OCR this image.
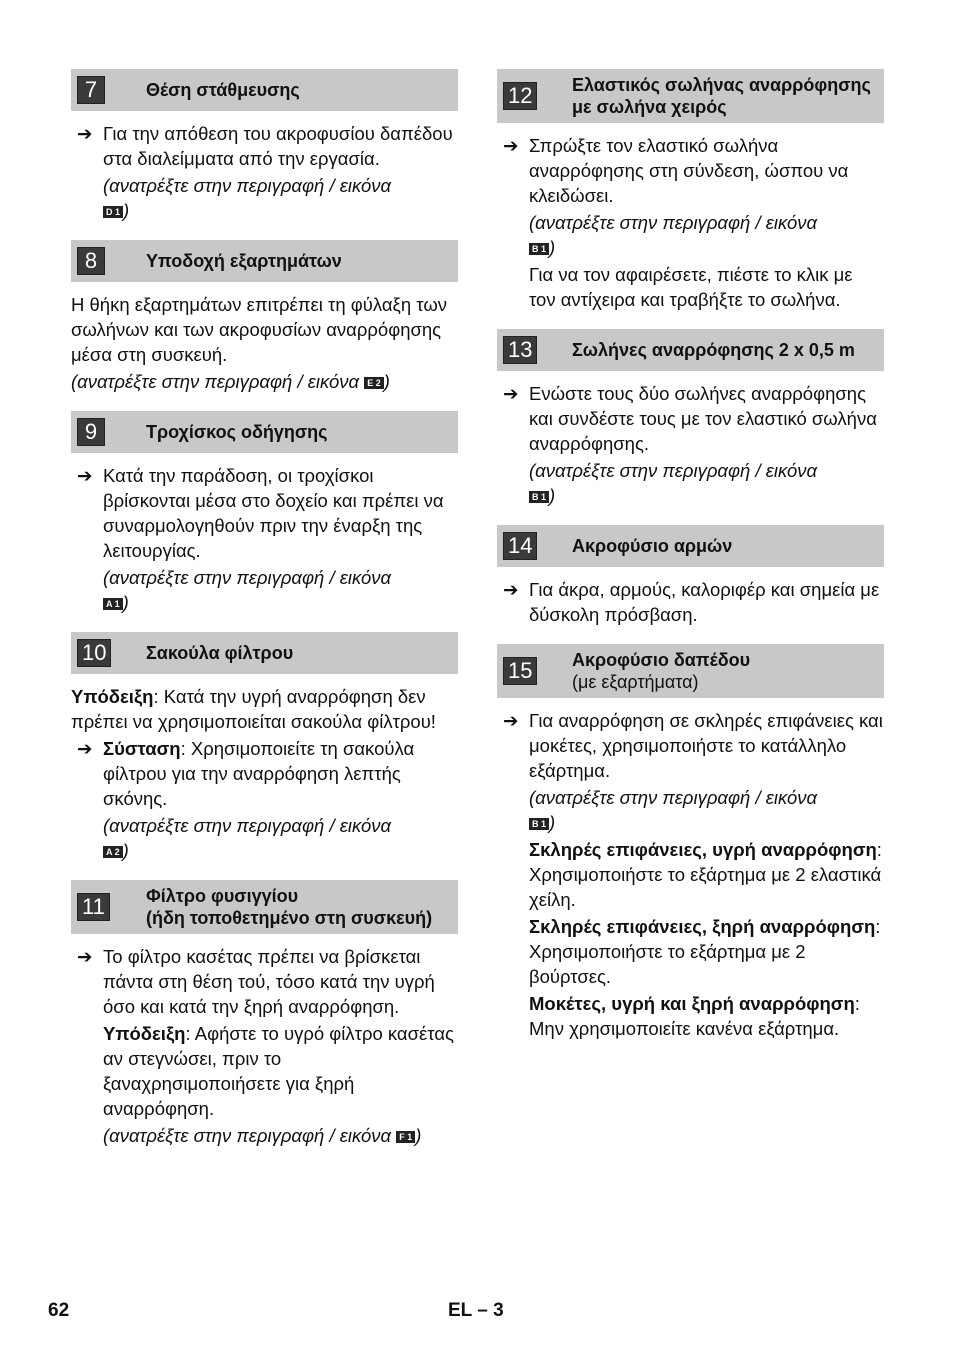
7	Θέση στάθμευσης
➔ Για την απόθεση του ακροφυσίου δαπέδου στα διαλείμματα από την εργασία.
(ανατρέξτε στην περιγραφή / εικόνα
D 1 )
8	Υποδοχή εξαρτημάτων
Η θήκη εξαρτημάτων επιτρέπει τη φύλαξη των σωλήνων και των ακροφυσίων αναρρόφησης μέσα στη συσκευή.
(ανατρέξτε στην περιγραφή / εικόνα E 2 )
9	Τροχίσκος οδήγησης
➔ Κατά την παράδοση, οι τροχίσκοι βρίσκονται μέσα στο δοχείο και πρέπει να συναρμολογηθούν πριν την έναρξη της λειτουργίας.
(ανατρέξτε στην περιγραφή / εικόνα
A 1 )
10 Σακούλα φίλτρου
Υπόδειξη: Κατά την υγρή αναρρόφηση δεν πρέπει να χρησιμοποιείται σακούλα φίλτρου!
➔ Σύσταση: Χρησιμοποιείτε τη σακούλα φίλτρου για την αναρρόφηση λεπτής σκόνης.
(ανατρέξτε στην περιγραφή / εικόνα
A 2 )
11 Φίλτρο φυσιγγίου
(ήδη τοποθετημένο στη συσκευή)
➔ Το φίλτρο κασέτας πρέπει να βρίσκεται πάντα στη θέση τού, τόσο κατά την υγρή όσο και κατά την ξηρή αναρρόφηση.
Υπόδειξη: Αφήστε το υγρό φίλτρο κασέτας αν στεγνώσει, πριν το ξαναχρησιμοποιήσετε για ξηρή αναρρόφηση.
(ανατρέξτε στην περιγραφή / εικόνα F 1 )
12 Ελαστικός σωλήνας αναρρόφησης με σωλήνα χειρός
➔ Σπρώξτε τον ελαστικό σωλήνα αναρρόφησης στη σύνδεση, ώσπου να κλειδώσει.
(ανατρέξτε στην περιγραφή / εικόνα
B 1 )
Για να τον αφαιρέσετε, πιέστε το κλικ με τον αντίχειρα και τραβήξτε το σωλήνα.
13 Σωλήνες αναρρόφησης 2 x 0,5 m
➔ Ενώστε τους δύο σωλήνες αναρρόφησης και συνδέστε τους με τον ελαστικό σωλήνα αναρρόφησης.
(ανατρέξτε στην περιγραφή / εικόνα
B 1 )
14 Ακροφύσιο αρμών
➔ Για άκρα, αρμούς, καλοριφέρ και σημεία με δύσκολη πρόσβαση.
15 Ακροφύσιο δαπέδου
(με εξαρτήματα)
➔ Για αναρρόφηση σε σκληρές επιφάνειες και μοκέτες, χρησιμοποιήστε το κατάλληλο εξάρτημα.
(ανατρέξτε στην περιγραφή / εικόνα
B 1 )
Σκληρές επιφάνειες, υγρή αναρρόφηση: Χρησιμοποιήστε το εξάρτημα με 2 ελαστικά χείλη.
Σκληρές επιφάνειες, ξηρή αναρρόφηση: Χρησιμοποιήστε το εξάρτημα με 2 βούρτσες.
Μοκέτες, υγρή και ξηρή αναρρόφηση: Μην χρησιμοποιείτε κανένα εξάρτημα.
62	EL – 3
